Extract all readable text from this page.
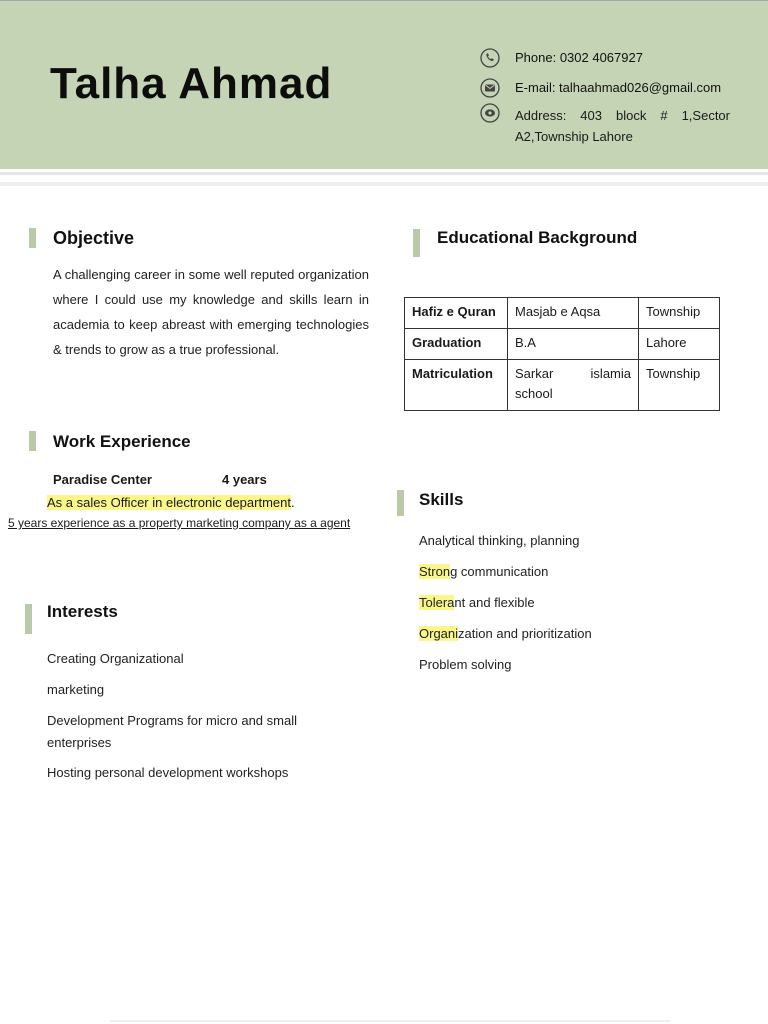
Talha Ahmad
Phone: 0302 4067927
E-mail: talhaahmad026@gmail.com
Address: 403 block # 1,Sector A2,Township Lahore
Objective
A challenging career in some well reputed organization where I could use my knowledge and skills learn in academia to keep abreast with emerging technologies & trends to grow as a true professional.
Work Experience
Paradise Center	4 years
As a sales Officer in electronic department.
5 years experience as a property marketing company as a agent
Interests
Creating Organizational
marketing
Development Programs for micro and small enterprises
Hosting personal development workshops
Educational Background
Hafiz e Quran	Masjab e Aqsa	Township
Graduation	B.A	Lahore
Matriculation	Sarkar islamia school	Township
Skills
Analytical thinking, planning
Strong communication
Tolerant and flexible
Organization and prioritization
Problem solving
